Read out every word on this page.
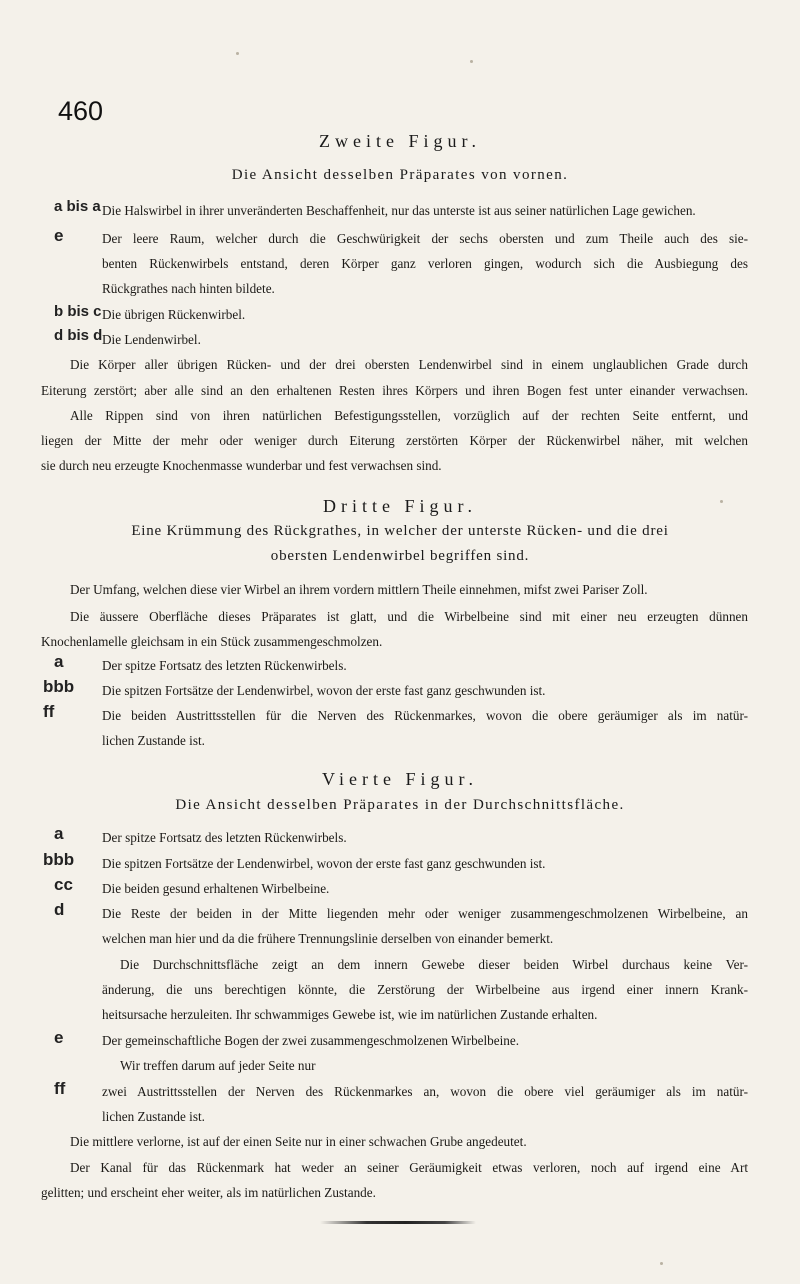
460
Zweite Figur.
Die Ansicht desselben Präparates von vornen.
a bis a Die Halswirbel in ihrer unveränderten Beschaffenheit, nur das unterste ist aus seiner natürlichen Lage gewichen.
e	Der leere Raum, welcher durch die Geschwürigkeit der sechs obersten und zum Theile auch des sie-
benten Rückenwirbels entstand, deren Körper ganz verloren gingen, wodurch sich die Ausbiegung des
Rückgrathes nach hinten bildete.
b bis c Die übrigen Rückenwirbel.
d bis d Die Lendenwirbel.
Die Körper aller übrigen Rücken- und der drei obersten Lendenwirbel sind in einem unglaublichen Grade durch
Eiterung zerstört; aber alle sind an den erhaltenen Resten ihres Körpers und ihren Bogen fest unter einander verwachsen.
Alle Rippen sind von ihren natürlichen Befestigungsstellen, vorzüglich auf der rechten Seite entfernt, und
liegen der Mitte der mehr oder weniger durch Eiterung zerstörten Körper der Rückenwirbel näher, mit welchen
sie durch neu erzeugte Knochenmasse wunderbar und fest verwachsen sind.
Dritte Figur.
Eine Krümmung des Rückgrathes, in welcher der unterste Rücken- und die drei
obersten Lendenwirbel begriffen sind.
Der Umfang, welchen diese vier Wirbel an ihrem vordern mittlern Theile einnehmen, mifst zwei Pariser Zoll.
Die äussere Oberfläche dieses Präparates ist glatt, und die Wirbelbeine sind mit einer neu erzeugten dünnen
Knochenlamelle gleichsam in ein Stück zusammengeschmolzen.
a	Der spitze Fortsatz des letzten Rückenwirbels.
bbb Die spitzen Fortsätze der Lendenwirbel, wovon der erste fast ganz geschwunden ist.
ff	Die beiden Austrittsstellen für die Nerven des Rückenmarkes, wovon die obere geräumiger als im natür-
lichen Zustande ist.
Vierte Figur.
Die Ansicht desselben Präparates in der Durchschnittsfläche.
a	Der spitze Fortsatz des letzten Rückenwirbels.
bbb Die spitzen Fortsätze der Lendenwirbel, wovon der erste fast ganz geschwunden ist.
cc Die beiden gesund erhaltenen Wirbelbeine.
d	Die Reste der beiden in der Mitte liegenden mehr oder weniger zusammengeschmolzenen Wirbelbeine, an
welchen man hier und da die frühere Trennungslinie derselben von einander bemerkt.
Die Durchschnittsfläche zeigt an dem innern Gewebe dieser beiden Wirbel durchaus keine Ver-
änderung, die uns berechtigen könnte, die Zerstörung der Wirbelbeine aus irgend einer innern Krank-
heitsursache herzuleiten. Ihr schwammiges Gewebe ist, wie im natürlichen Zustande erhalten.
e	Der gemeinschaftliche Bogen der zwei zusammengeschmolzenen Wirbelbeine.
Wir treffen darum auf jeder Seite nur
ff	zwei Austrittsstellen der Nerven des Rückenmarkes an, wovon die obere viel geräumiger als im natür-
lichen Zustande ist.
Die mittlere verlorne, ist auf der einen Seite nur in einer schwachen Grube angedeutet.
Der Kanal für das Rückenmark hat weder an seiner Geräumigkeit etwas verloren, noch auf irgend eine Art
gelitten; und erscheint eher weiter, als im natürlichen Zustande.
